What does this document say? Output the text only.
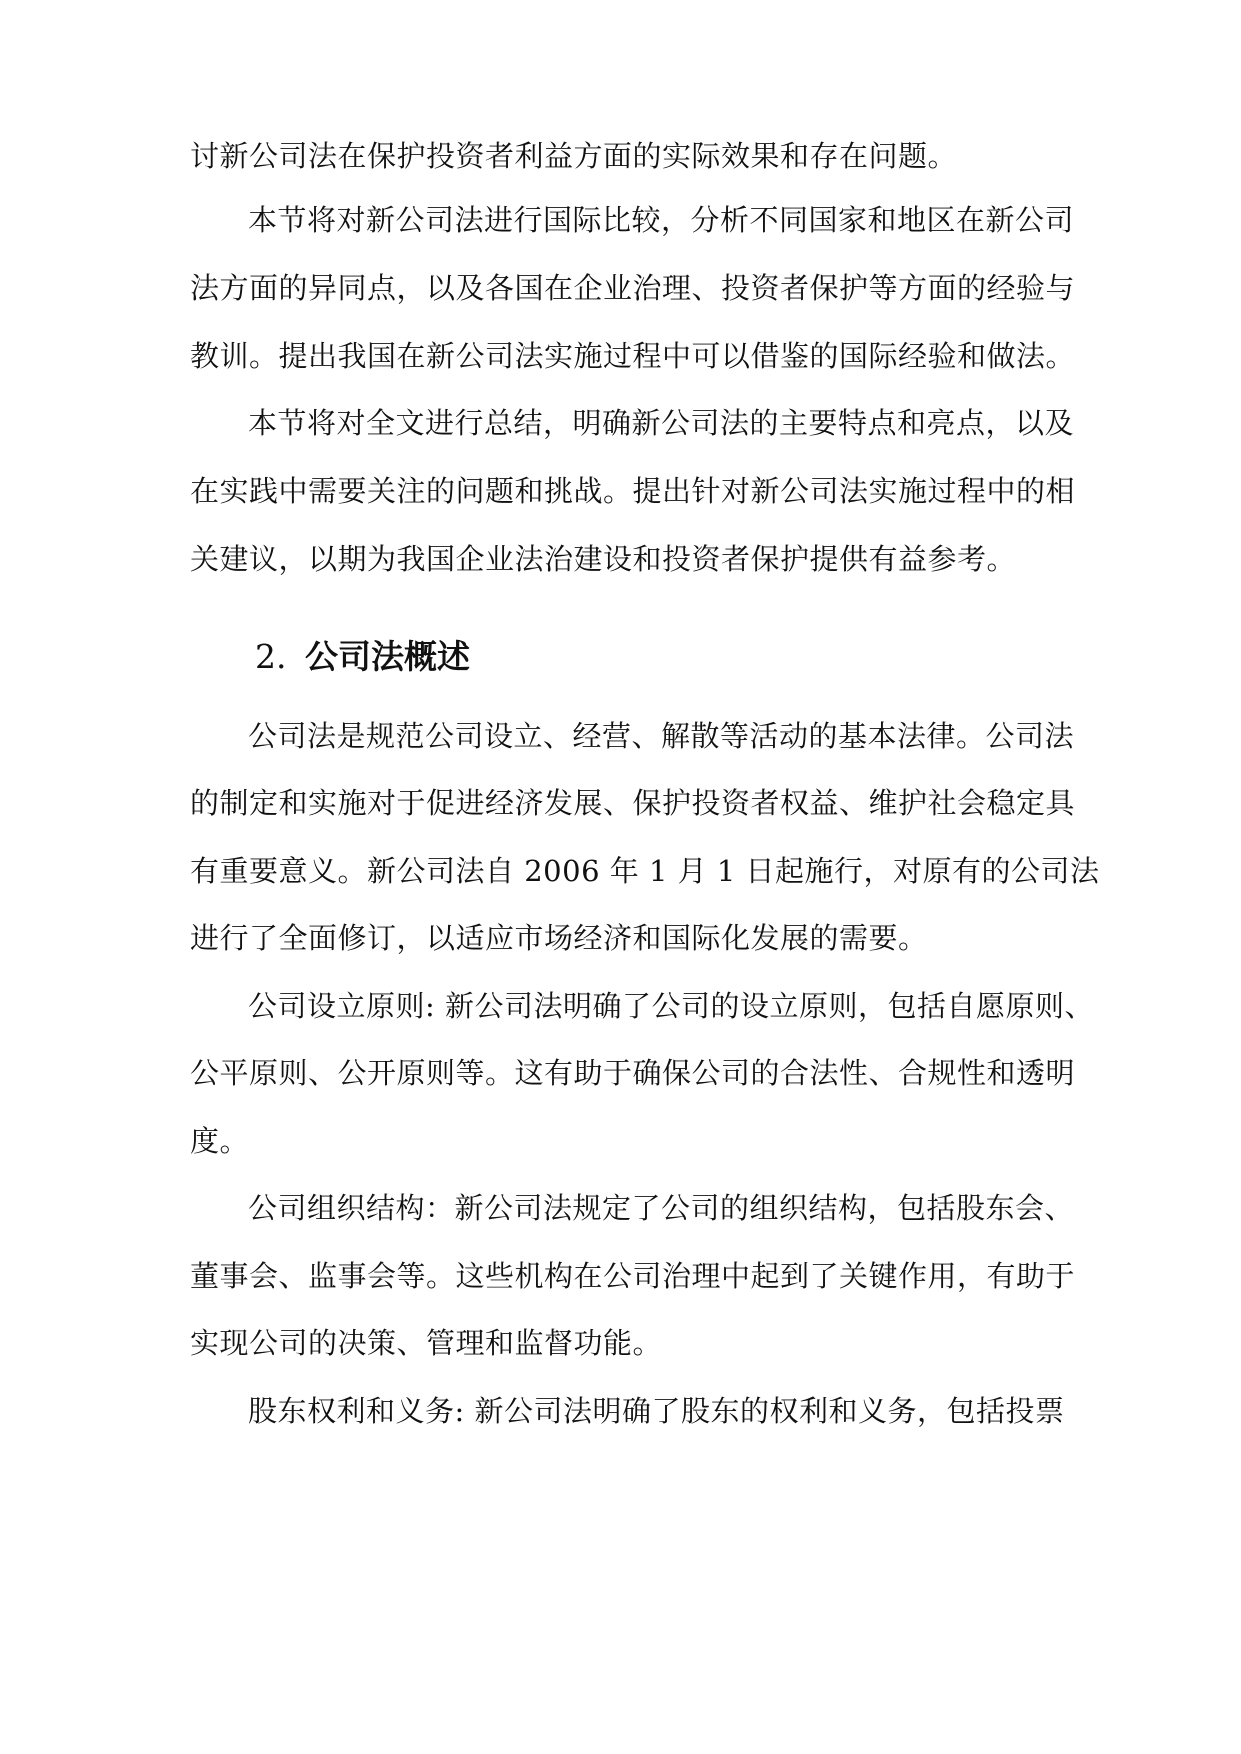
讨新公司法在保护投资者利益方面的实际效果和存在问题。
本节将对新公司法进行国际比较，分析不同国家和地区在新公司
法方面的异同点，以及各国在企业治理、投资者保护等方面的经验与
教训。提出我国在新公司法实施过程中可以借鉴的国际经验和做法。
本节将对全文进行总结，明确新公司法的主要特点和亮点，以及
在实践中需要关注的问题和挑战。提出针对新公司法实施过程中的相
关建议，以期为我国企业法治建设和投资者保护提供有益参考。
2. 公司法概述
公司法是规范公司设立、经营、解散等活动的基本法律。公司法
的制定和实施对于促进经济发展、保护投资者权益、维护社会稳定具
有重要意义。新公司法自 2006 年 1 月 1 日起施行，对原有的公司法
进行了全面修订，以适应市场经济和国际化发展的需要。
公司设立原则: 新公司法明确了公司的设立原则，包括自愿原则、
公平原则、公开原则等。这有助于确保公司的合法性、合规性和透明
度。
公司组织结构：新公司法规定了公司的组织结构，包括股东会、
董事会、监事会等。这些机构在公司治理中起到了关键作用，有助于
实现公司的决策、管理和监督功能。
股东权利和义务: 新公司法明确了股东的权利和义务，包括投票
